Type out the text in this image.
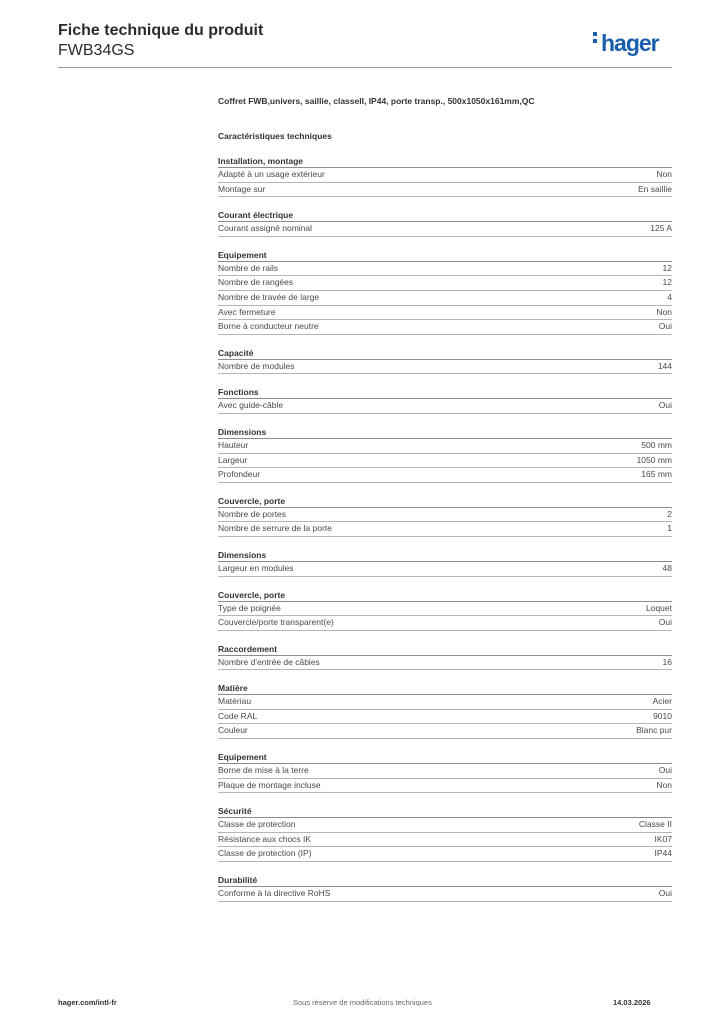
Fiche technique du produit
FWB34GS	hager
Coffret FWB,univers, saillie, classeII, IP44, porte transp., 500x1050x161mm,QC
Caractéristiques techniques
Installation, montage
Adapté à un usage extérieur	Non
Montage sur	En saillie
Courant électrique
Courant assigné nominal	125 A
Equipement
Nombre de rails	12
Nombre de rangées	12
Nombre de travée de large	4
Avec fermeture	Non
Borne à conducteur neutre	Oui
Capacité
Nombre de modules	144
Fonctions
Avec guide-câble	Oui
Dimensions
Hauteur	500 mm
Largeur	1050 mm
Profondeur	165 mm
Couvercle, porte
Nombre de portes	2
Nombre de serrure de la porte	1
Dimensions
Largeur en modules	48
Couvercle, porte
Type de poignée	Loquet
Couvercle/porte transparent(e)	Oui
Raccordement
Nombre d'entrée de câbles	16
Matière
Matériau	Acier
Code RAL	9010
Couleur	Blanc pur
Equipement
Borne de mise à la terre	Oui
Plaque de montage incluse	Non
Sécurité
Classe de protection	Classe II
Résistance aux chocs IK	IK07
Classe de protection (IP)	IP44
Durabilité
Conforme à la directive RoHS	Oui
hager.com/intl-fr	Sous réserve de modifications techniques	14.03.2026
